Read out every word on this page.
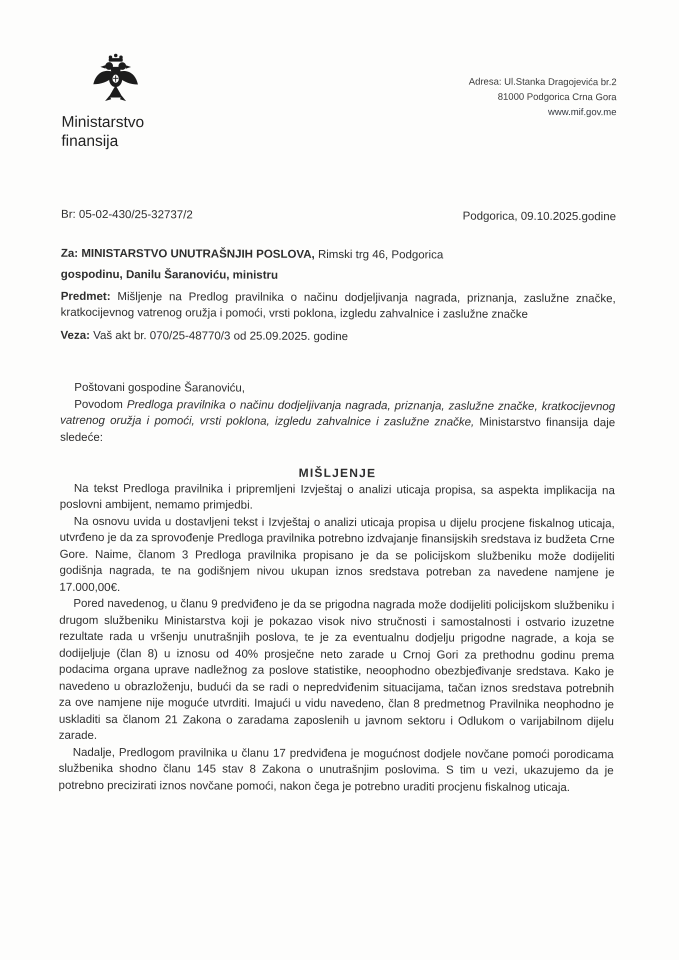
Ministarstvo
finansija
Adresa: Ul.Stanka Dragojevića br.2
81000 Podgorica Crna Gora
www.mif.gov.me
Br: 05-02-430/25-32737/2	Podgorica, 09.10.2025.godine

Za: MINISTARSTVO UNUTRAŠNJIH POSLOVA, Rimski trg 46, Podgorica

gospodinu, Danilu Šaranoviću, ministru

Predmet: Mišljenje na Predlog pravilnika o načinu dodjeljivanja nagrada, priznanja, zaslužne značke, kratkocijevnog vatrenog oružja i pomoći, vrsti poklona, izgledu zahvalnice i zaslužne značke

Veza: Vaš akt br. 070/25-48770/3 od 25.09.2025. godine

Poštovani gospodine Šaranoviću,

Povodom Predloga pravilnika o načinu dodjeljivanja nagrada, priznanja, zaslužne značke, kratkocijevnog vatrenog oružja i pomoći, vrsti poklona, izgledu zahvalnice i zaslužne značke, Ministarstvo finansija daje sledeće:

MIŠLJENJE

Na tekst Predloga pravilnika i pripremljeni Izvještaj o analizi uticaja propisa, sa aspekta implikacija na poslovni ambijent, nemamo primjedbi.

Na osnovu uvida u dostavljeni tekst i Izvještaj o analizi uticaja propisa u dijelu procjene fiskalnog uticaja, utvrđeno je da za sprovođenje Predloga pravilnika potrebno izdvajanje finansijskih sredstava iz budžeta Crne Gore. Naime, članom 3 Predloga pravilnika propisano je da se policijskom službeniku može dodijeliti godišnja nagrada, te na godišnjem nivou ukupan iznos sredstava potreban za navedene namjene je 17.000,00€.

Pored navedenog, u članu 9 predviđeno je da se prigodna nagrada može dodijeliti policijskom službeniku i drugom službeniku Ministarstva koji je pokazao visok nivo stručnosti i samostalnosti i ostvario izuzetne rezultate rada u vršenju unutrašnjih poslova, te je za eventualnu dodjelju prigodne nagrade, a koja se dodijeljuje (član 8) u iznosu od 40% prosječne neto zarade u Crnoj Gori za prethodnu godinu prema podacima organa uprave nadležnog za poslove statistike, neoophodno obezbjeđivanje sredstava. Kako je navedeno u obrazloženju, budući da se radi o nepredviđenim situacijama, tačan iznos sredstava potrebnih za ove namjene nije moguće utvrditi. Imajući u vidu navedeno, član 8 predmetnog Pravilnika neophodno je uskladiti sa članom 21 Zakona o zaradama zaposlenih u javnom sektoru i Odlukom o varijabilnom dijelu zarade.

Nadalje, Predlogom pravilnika u članu 17 predviđena je mogućnost dodjele novčane pomoći porodicama službenika shodno članu 145 stav 8 Zakona o unutrašnjim poslovima. S tim u vezi, ukazujemo da je potrebno precizirati iznos novčane pomoći, nakon čega je potrebno uraditi procjenu fiskalnog uticaja.
